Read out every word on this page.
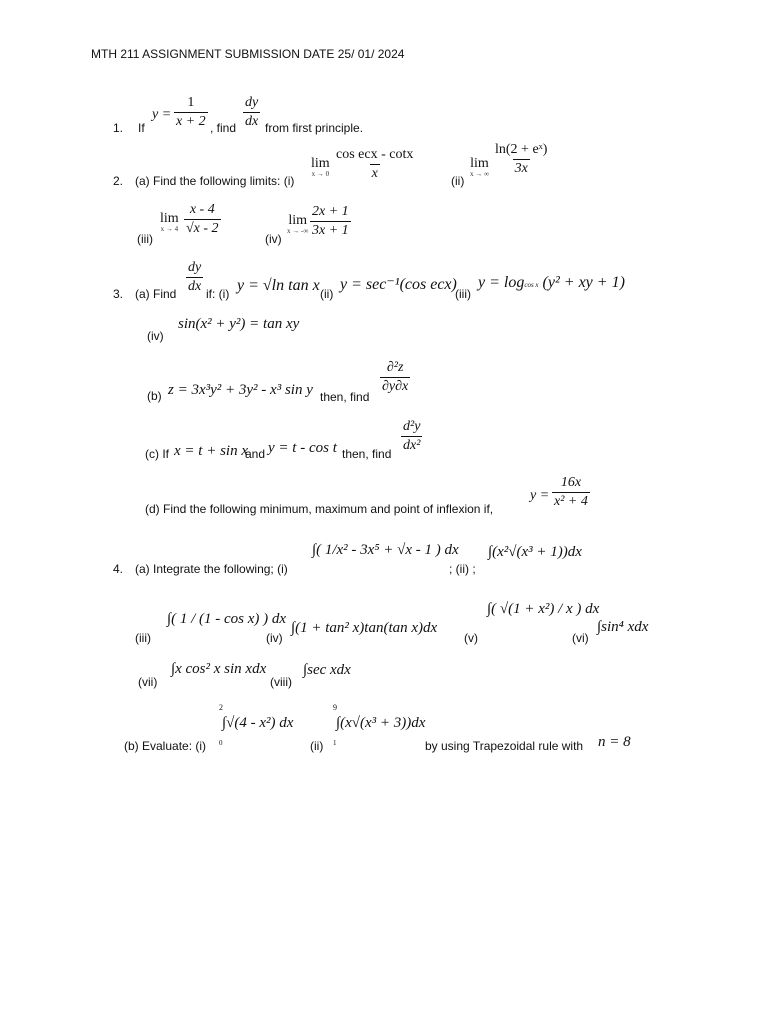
MTH 211 ASSIGNMENT SUBMISSION DATE 25/ 01/ 2024
1. If
$y = \frac{1}{x + 2}$ , find $\frac{dy}{dx}$ from first principle.
2. (a) Find the following limits: (i)
lim
x → 0
cos ecx - cotx
x
(ii)
lim
x → ∞ $\frac{\text{ln(2 + eˣ)}}{3x}$
(iii)
lim
$x \to 4 \frac{x - 4}{√x - 2}$
(iv)
lim
x → -∞ $\frac{2x + 1}{3x + 1}$
3. (a) Find $\frac{dy}{dx}$ if: (i) y = √ln tan x (ii)
y = sec⁻¹(cos ecx)
(iii)
y = logcos x (y² + xy + 1)
(iv)
sin(x² + y²) = tan xy
(b) z = 3x³y² + 3y² - x³ sin y then, find
$\frac{\text{∂²z}}{\partial y\partial x}$
(c) If x = t + sin x
and y = t - cos t then, find
$\frac{\text{d²y}}{\text{dx²}}$
(d) Find the following minimum, maximum and point of inflexion if,
$y = \frac{16x}{\text{x² + 4}}$
4. (a) Integrate the following; (i)
∫( 1/x² - 3x⁵ + √x - 1 ) dx
; (ii) ;
∫(x²√(x³ + 1))dx
(iii)
∫( 1 / (1 - cos x) ) dx
(iv)
∫(1 + tan² x)tan(tan x)dx
(v)
∫( √(1 + x²) / x ) dx
(vi)
∫sin⁴ xdx
(vii)
∫x cos² x sin xdx
(viii)
∫sec xdx
(b) Evaluate: (i)
2
0
∫√(4 - x²) dx
(ii)
9
1
∫(x√(x³ + 3))dx
by using Trapezoidal rule with n = 8
